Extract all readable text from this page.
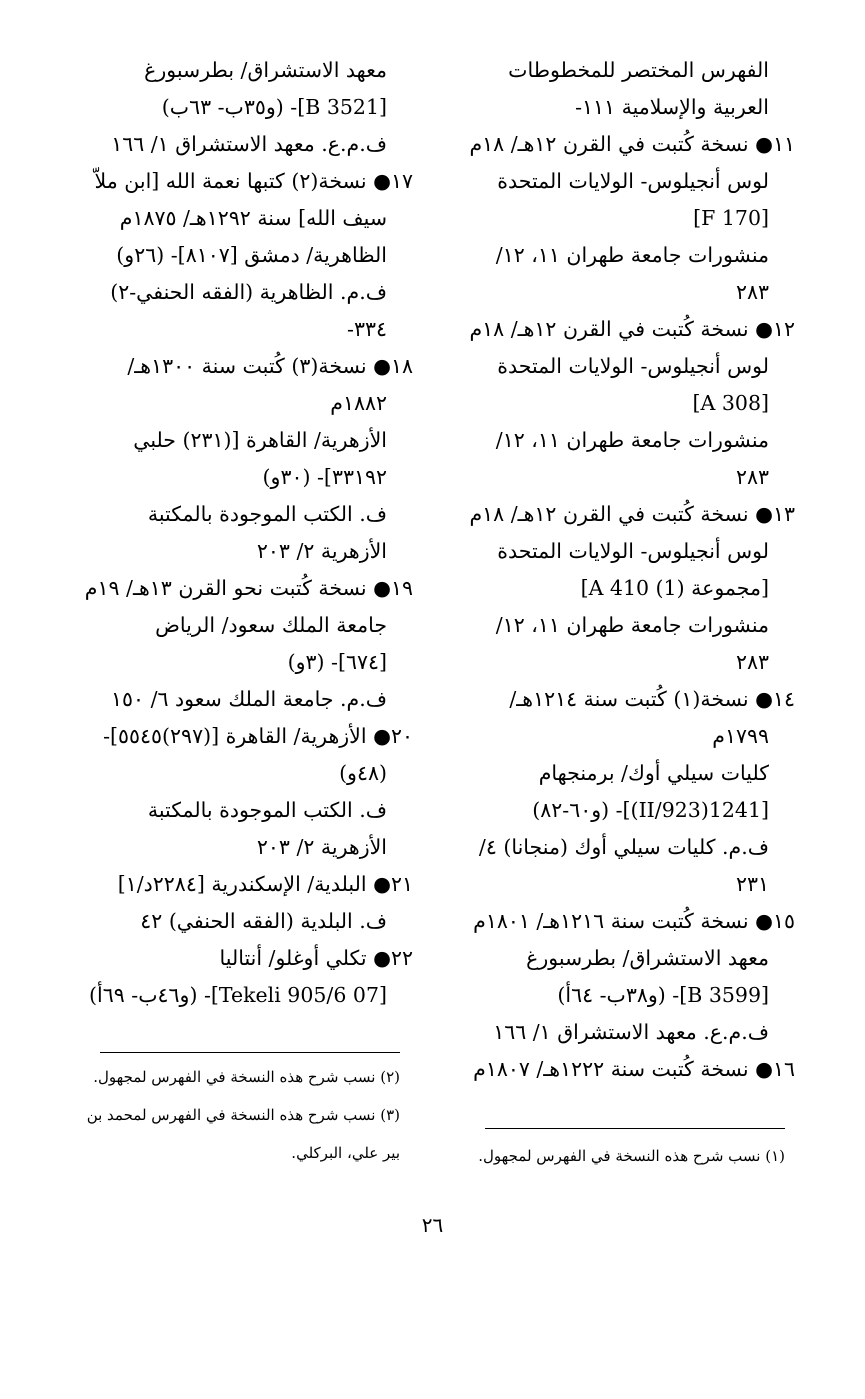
الفهرس المختصر للمخطوطات
العربية والإسلامية ١١١-
١١● نسخة كُتبت في القرن ١٢هـ/ ١٨م
لوس أنجيلوس- الولايات المتحدة
[F 170]
منشورات جامعة طهران ١١، ١٢/
٢٨٣
١٢● نسخة كُتبت في القرن ١٢هـ/ ١٨م
لوس أنجيلوس- الولايات المتحدة
[A 308]
منشورات جامعة طهران ١١، ١٢/
٢٨٣
١٣● نسخة كُتبت في القرن ١٢هـ/ ١٨م
لوس أنجيلوس- الولايات المتحدة
[مجموعة A 410 (1)]
منشورات جامعة طهران ١١، ١٢/
٢٨٣
١٤● نسخة(١) كُتبت سنة ١٢١٤هـ/
١٧٩٩م
كليات سيلي أوك/ برمنجهام
[1241(923/II)]- (و٦٠-٨٢)
ف.م. كليات سيلي أوك (منجانا) ٤/
٢٣١
١٥● نسخة كُتبت سنة ١٢١٦هـ/ ١٨٠١م
معهد الاستشراق/ بطرسبورغ
[B 3599]- (و٣٨ب- ٦٤أ)
ف.م.ع. معهد الاستشراق ١/ ١٦٦
١٦● نسخة كُتبت سنة ١٢٢٢هـ/ ١٨٠٧م
معهد الاستشراق/ بطرسبورغ
[B 3521]- (و٣٥ب- ٦٣ب)
ف.م.ع. معهد الاستشراق ١/ ١٦٦
١٧● نسخة(٢) كتبها نعمة الله [ابن ملاّ
سيف الله] سنة ١٢٩٢هـ/ ١٨٧٥م
الظاهرية/ دمشق [٨١٠٧]- (٢٦و)
ف.م. الظاهرية (الفقه الحنفي-٢)
٣٣٤-
١٨● نسخة(٣) كُتبت سنة ١٣٠٠هـ/
١٨٨٢م
الأزهرية/ القاهرة [(٢٣١) حلبي
٣٣١٩٢]- (٣٠و)
ف. الكتب الموجودة بالمكتبة
الأزهرية ٢/ ٢٠٣
١٩● نسخة كُتبت نحو القرن ١٣هـ/ ١٩م
جامعة الملك سعود/ الرياض
[٦٧٤]- (٣و)
ف.م. جامعة الملك سعود ٦/ ١٥٠
٢٠● الأزهرية/ القاهرة [(٢٩٧)٥٥٤٥]-
(٤٨و)
ف. الكتب الموجودة بالمكتبة
الأزهرية ٢/ ٢٠٣
٢١● البلدية/ الإسكندرية [٢٢٨٤د/١]
ف. البلدية (الفقه الحنفي) ٤٢
٢٢● تكلي أوغلو/ أنتاليا
[07 Tekeli 905/6]- (و٤٦ب- ٦٩أ)
(٢) نسب شرح هذه النسخة في الفهرس لمجهول.
(٣) نسب شرح هذه النسخة في الفهرس لمحمد بن
بير علي، البركلي.	(١) نسب شرح هذه النسخة في الفهرس لمجهول.
٢٦
